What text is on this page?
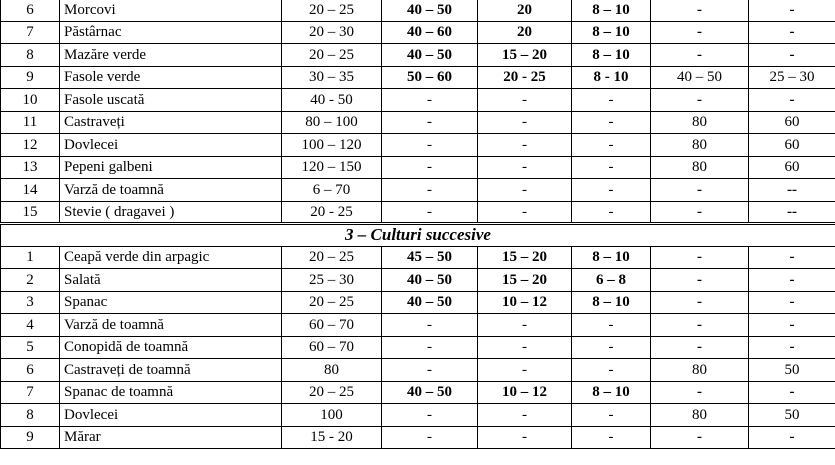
6	Morcovi	20 – 25	40 – 50	20	8 – 10	-	-
7	Păstârnac	20 – 30	40 – 60	20	8 – 10	-	-
8	Mazăre verde	20 – 25	40 – 50	15 – 20	8 – 10	-	-
9	Fasole verde	30 – 35	50 – 60	20 - 25	8 - 10	40 – 50	25 – 30
10	Fasole uscată	40 - 50	-	-	-	-	-
11	Castraveți	80 – 100	-	-	-	80	60
12	Dovlecei	100 – 120	-	-	-	80	60
13	Pepeni galbeni	120 – 150	-	-	-	80	60
14	Varză de toamnă	6 – 70	-	-	-	-	--
15	Stevie ( dragavei )	20 - 25	-	-	-	-	--
3 – Culturi succesive							
1	Ceapă verde din arpagic	20 – 25	45 – 50	15 – 20	8 – 10	-	-
2	Salată	25 – 30	40 – 50	15 – 20	6 – 8	-	-
3	Spanac	20 – 25	40 – 50	10 – 12	8 – 10	-	-
4	Varză de toamnă	60 – 70	-	-	-	-	-
5	Conopidă de toamnă	60 – 70	-	-	-	-	-
6	Castraveți de toamnă	80	-	-	-	80	50
7	Spanac de toamnă	20 – 25	40 – 50	10 – 12	8 – 10	-	-
8	Dovlecei	100	-	-	-	80	50
9	Mărar	15 - 20	-	-	-	-	-
